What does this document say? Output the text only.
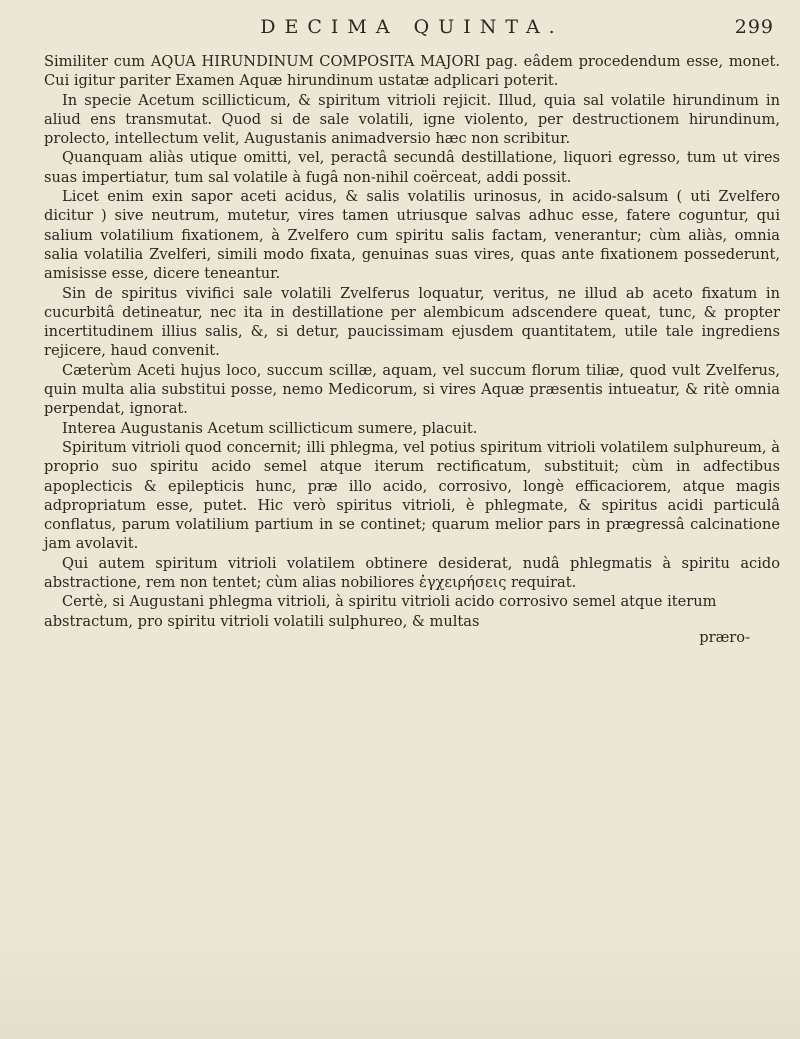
DECIMA QUINTA.	299

Similiter cum AQUA HIRUNDINUM COMPOSITA MAJORI pag. eâdem procedendum esse, monet. Cui igitur pariter Examen Aquæ hirundinum ustatæ adplicari poterit.

In specie Acetum scillicticum, & spiritum vitrioli rejicit. Illud, quia sal volatile hirundinum in aliud ens transmutat. Quod si de sale volatili, igne violento, per destructionem hirundinum, prolecto, intellectum velit, Augustanis animadversio hæc non scribitur.

Quanquam aliàs utique omitti, vel, peractâ secundâ destillatione, liquori egresso, tum ut vires suas impertiatur, tum sal volatile à fugâ non-nihil coërceat, addi possit.

Licet enim exin sapor aceti acidus, & salis volatilis urinosus, in acido-salsum ( uti Zvelfero dicitur ) sive neutrum, mutetur, vires tamen utriusque salvas adhuc esse, fatere coguntur, qui salium volatilium fixationem, à Zvelfero cum spiritu salis factam, venerantur; cùm aliàs, omnia salia volatilia Zvelferi, simili modo fixata, genuinas suas vires, quas ante fixationem possederunt, amisisse esse, dicere teneantur.

Sin de spiritus vivifici sale volatili Zvelferus loquatur, veritus, ne illud ab aceto fixatum in cucurbitâ detineatur, nec ita in destillatione per alembicum adscendere queat, tunc, & propter incertitudinem illius salis, &, si detur, paucissimam ejusdem quantitatem, utile tale ingrediens rejicere, haud convenit.

Cæterùm Aceti hujus loco, succum scillæ, aquam, vel succum florum tiliæ, quod vult Zvelferus, quin multa alia substitui posse, nemo Medicorum, si vires Aquæ præsentis intueatur, & ritè omnia perpendat, ignorat.

Interea Augustanis Acetum scillicticum sumere, placuit.

Spiritum vitrioli quod concernit; illi phlegma, vel potius spiritum vitrioli volatilem sulphureum, à proprio suo spiritu acido semel atque iterum rectificatum, substituit; cùm in adfectibus apoplecticis & epilepticis hunc, præ illo acido, corrosivo, longè efficaciorem, atque magis adpropriatum esse, putet. Hic verò spiritus vitrioli, è phlegmate, & spiritus acidi particulâ conflatus, parum volatilium partium in se continet; quarum melior pars in prægressâ calcinatione jam avolavit.

Qui autem spiritum vitrioli volatilem obtinere desiderat, nudâ phlegmatis à spiritu acido abstractione, rem non tentet; cùm alias nobiliores ἐγχειρήσεις requirat.

Certè, si Augustani phlegma vitrioli, à spiritu vitrioli acido corrosivo semel atque iterum abstractum, pro spiritu vitrioli volatili sulphureo, & multas

præro-
